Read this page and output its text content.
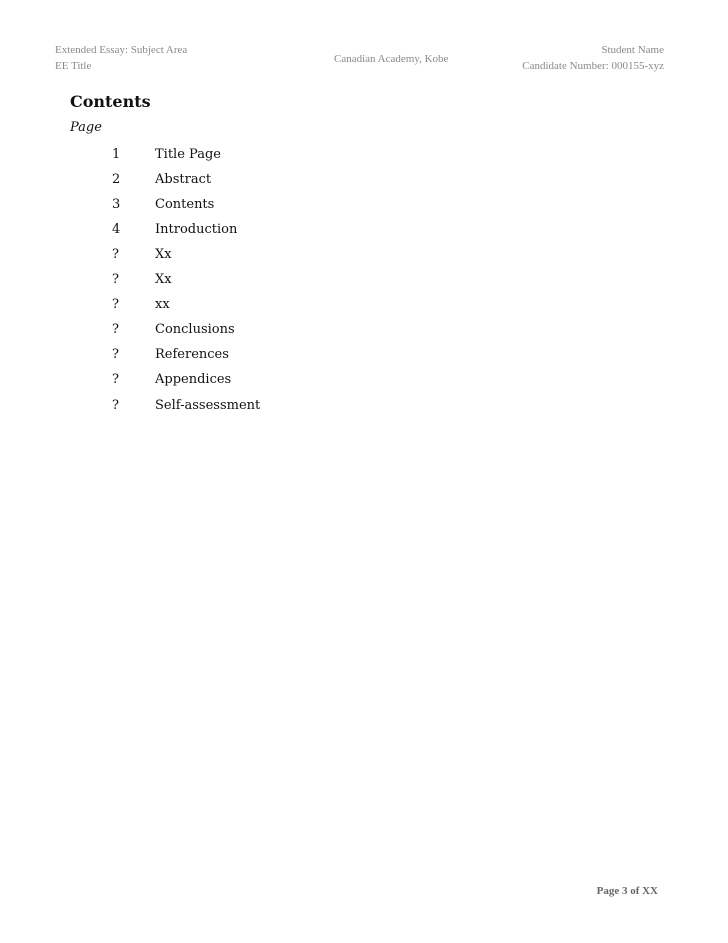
Extended Essay: Subject Area
EE Title
Canadian Academy, Kobe
Student Name
Candidate Number: 000155-xyz
Contents
Page
1	Title Page
2	Abstract
3	Contents
4	Introduction
?	Xx
?	Xx
?	xx
?	Conclusions
?	References
?	Appendices
?	Self-assessment
Page 3 of XX
